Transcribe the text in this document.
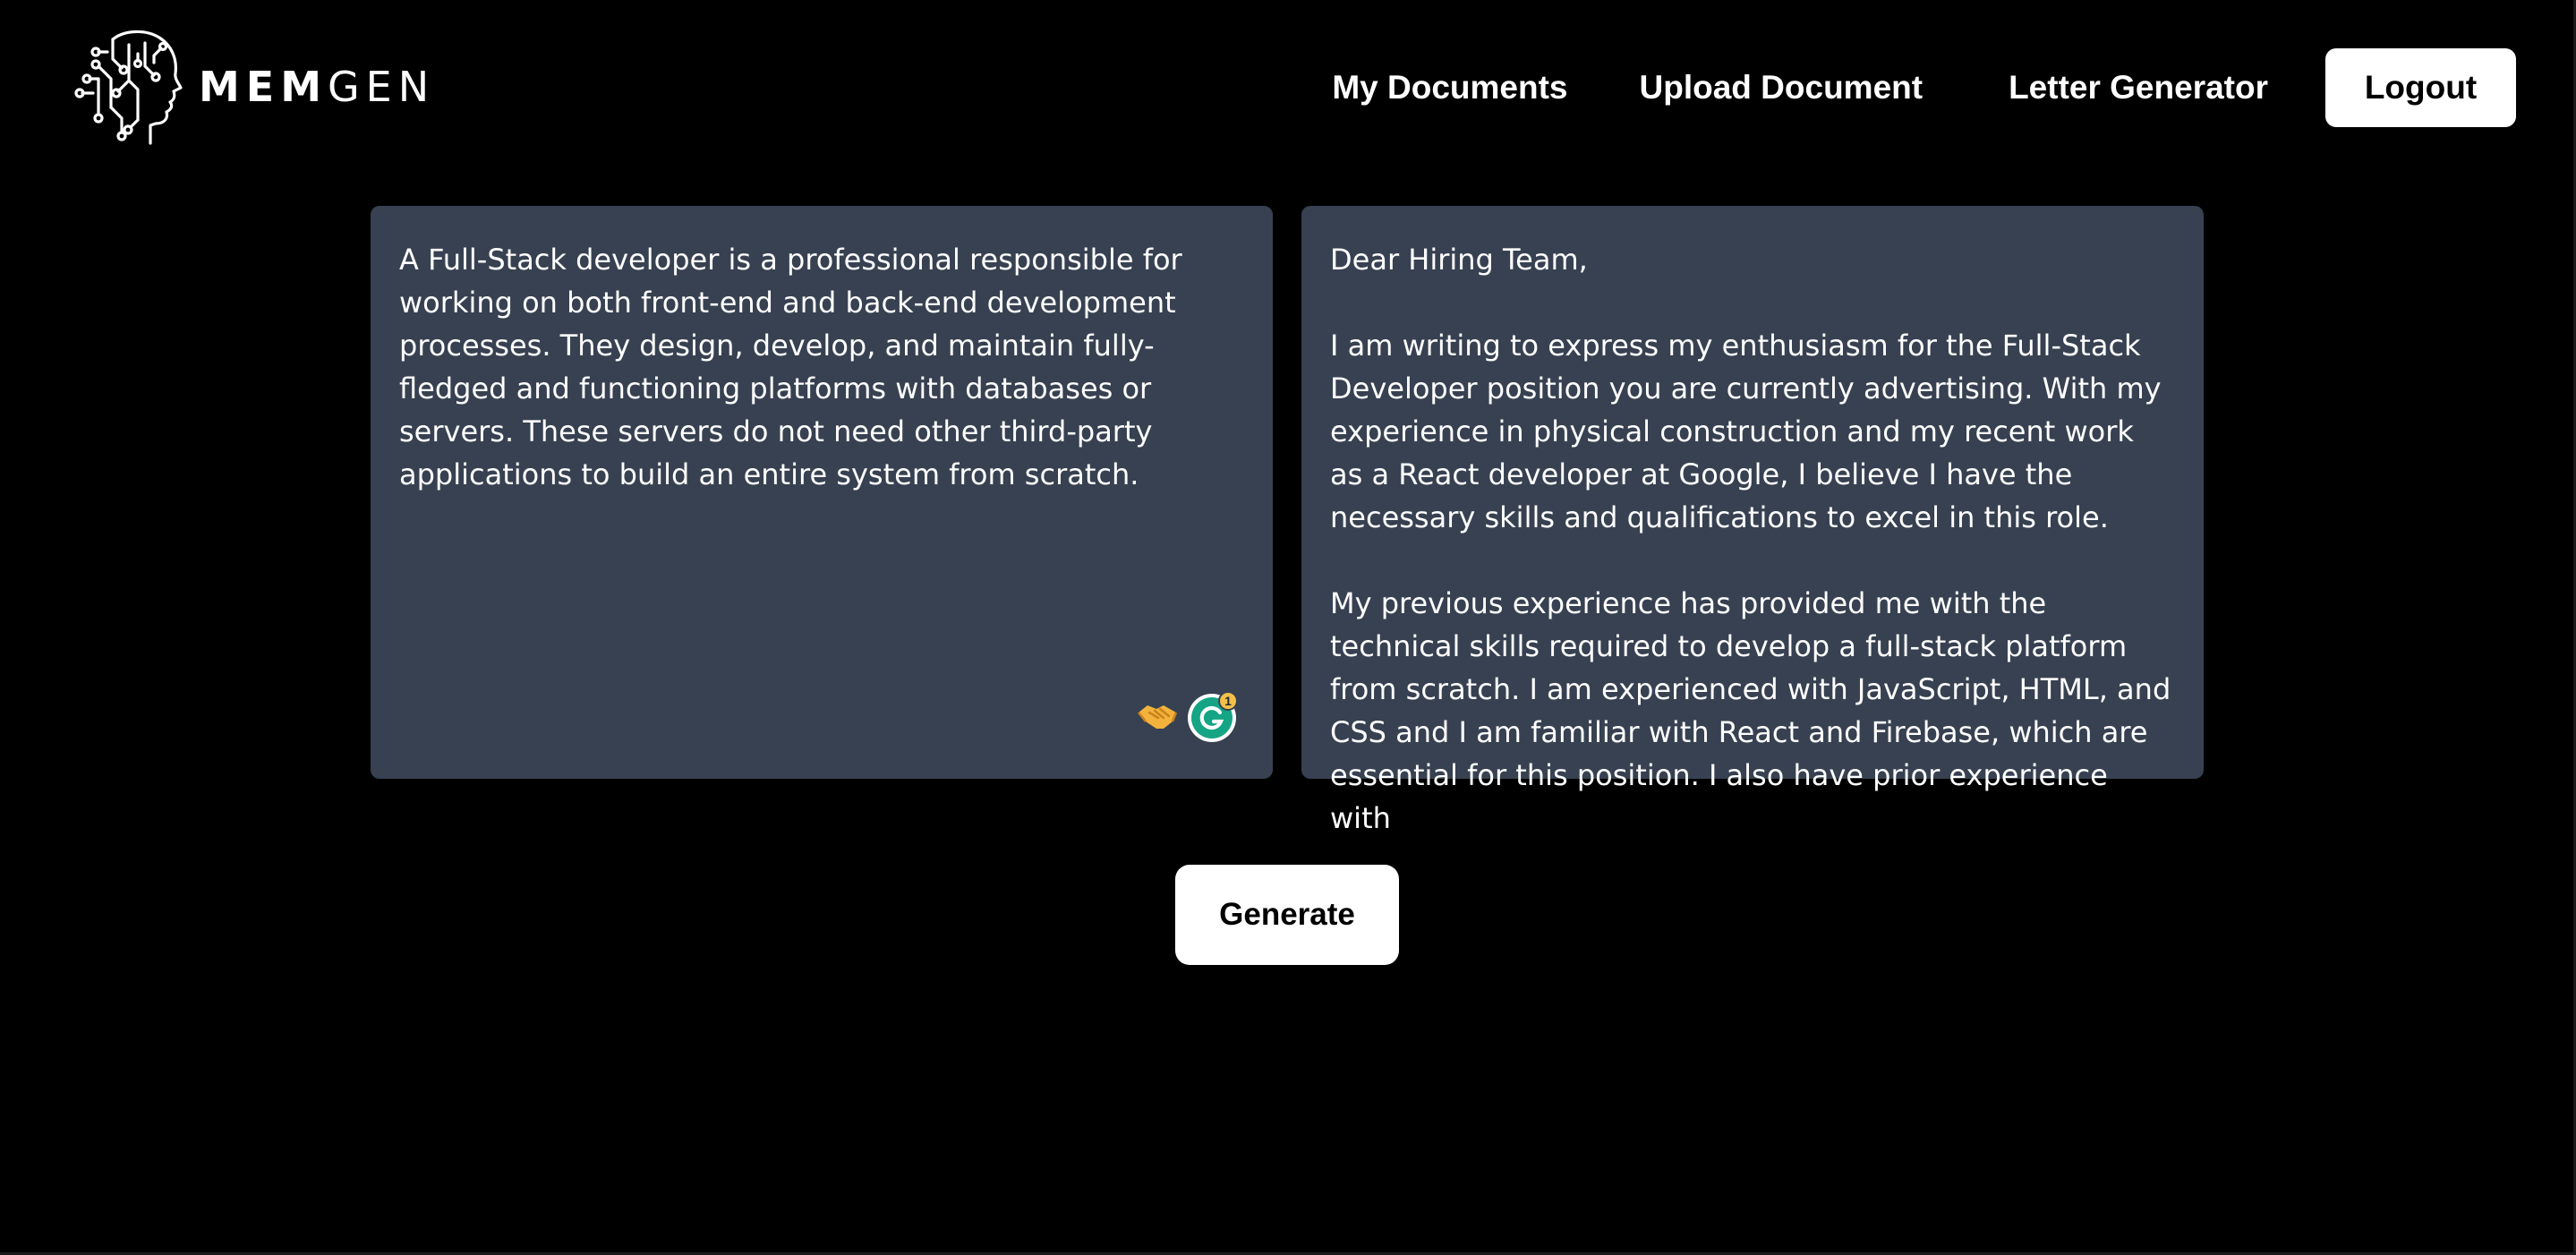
MEM GEN	My Documents Upload Document	Letter Generator	Logout
A Full-Stack developer is a professional responsible for working on both front-end and back-end development processes. They design, develop, and maintain fully-fledged and functioning platforms with databases or servers. These servers do not need other third-party applications to build an entire system from scratch.
1
Dear Hiring Team,

I am writing to express my enthusiasm for the Full-Stack Developer position you are currently advertising. With my experience in physical construction and my recent work as a React developer at Google, I believe I have the necessary skills and qualifications to excel in this role.

My previous experience has provided me with the technical skills required to develop a full-stack platform from scratch. I am experienced with JavaScript, HTML, and CSS and I am familiar with React and Firebase, which are essential for this position. I also have prior experience with
Generate
